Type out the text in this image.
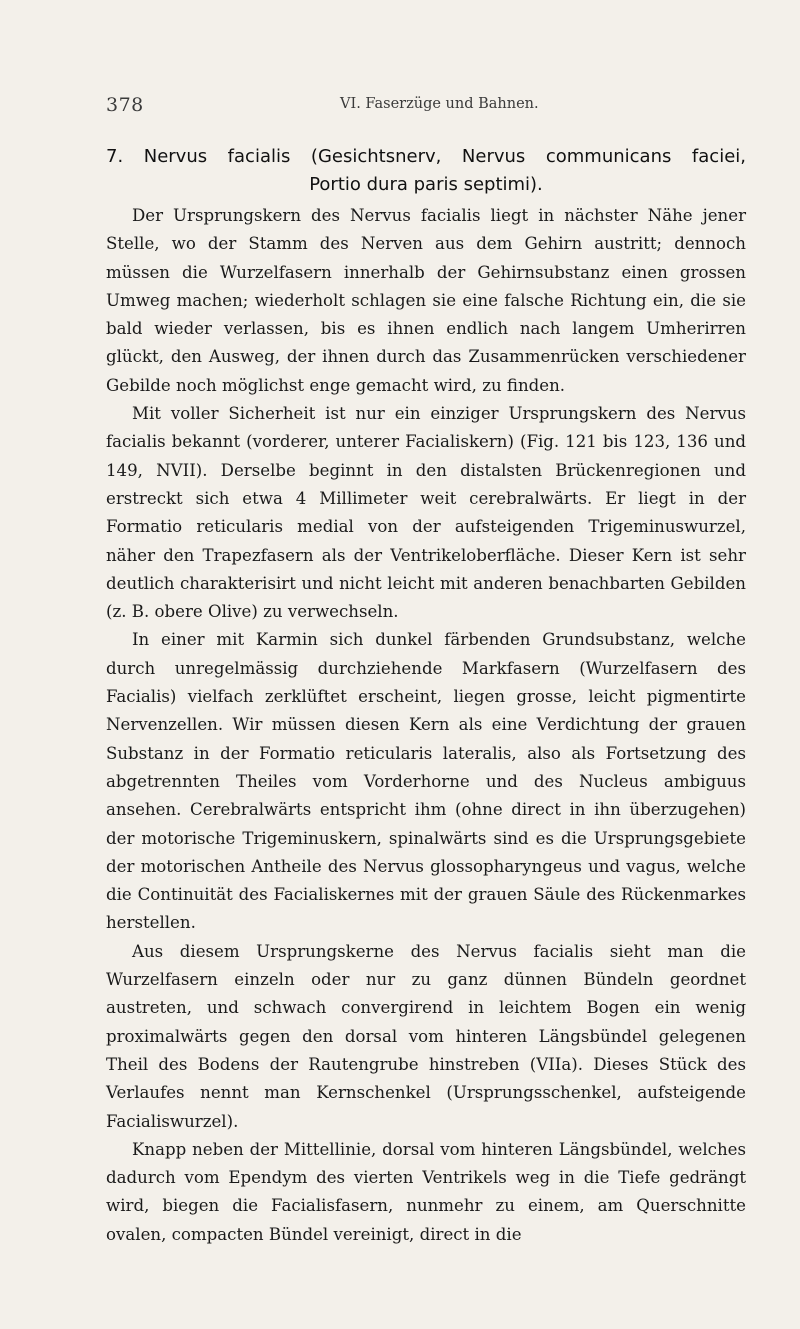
378	VI. Faserzüge und Bahnen.
7. Nervus facialis (Gesichtsnerv, Nervus communicans faciei,
Portio dura paris septimi).

Der Ursprungskern des Nervus facialis liegt in nächster Nähe jener Stelle, wo der Stamm des Nerven aus dem Gehirn austritt; dennoch müssen die Wurzelfasern innerhalb der Gehirnsubstanz einen grossen Umweg machen; wiederholt schlagen sie eine falsche Richtung ein, die sie bald wieder verlassen, bis es ihnen endlich nach langem Umherirren glückt, den Ausweg, der ihnen durch das Zusammenrücken verschiedener Gebilde noch möglichst enge gemacht wird, zu finden.

Mit voller Sicherheit ist nur ein einziger Ursprungskern des Nervus facialis bekannt (vorderer, unterer Facialiskern) (Fig. 121 bis 123, 136 und 149, NVII). Derselbe beginnt in den distalsten Brückenregionen und erstreckt sich etwa 4 Millimeter weit cerebralwärts. Er liegt in der Formatio reticularis medial von der aufsteigenden Trigeminuswurzel, näher den Trapezfasern als der Ventrikeloberfläche. Dieser Kern ist sehr deutlich charakterisirt und nicht leicht mit anderen benachbarten Gebilden (z. B. obere Olive) zu verwechseln.

In einer mit Karmin sich dunkel färbenden Grundsubstanz, welche durch unregelmässig durchziehende Markfasern (Wurzelfasern des Facialis) vielfach zerklüftet erscheint, liegen grosse, leicht pigmentirte Nervenzellen. Wir müssen diesen Kern als eine Verdichtung der grauen Substanz in der Formatio reticularis lateralis, also als Fortsetzung des abgetrennten Theiles vom Vorderhorne und des Nucleus ambiguus ansehen. Cerebralwärts entspricht ihm (ohne direct in ihn überzugehen) der motorische Trigeminuskern, spinalwärts sind es die Ursprungsgebiete der motorischen Antheile des Nervus glossopharyngeus und vagus, welche die Continuität des Facialiskernes mit der grauen Säule des Rückenmarkes herstellen.

Aus diesem Ursprungskerne des Nervus facialis sieht man die Wurzelfasern einzeln oder nur zu ganz dünnen Bündeln geordnet austreten, und schwach convergirend in leichtem Bogen ein wenig proximalwärts gegen den dorsal vom hinteren Längsbündel gelegenen Theil des Bodens der Rautengrube hinstreben (VIIa). Dieses Stück des Verlaufes nennt man Kernschenkel (Ursprungsschenkel, aufsteigende Facialiswurzel).

Knapp neben der Mittellinie, dorsal vom hinteren Längsbündel, welches dadurch vom Ependym des vierten Ventrikels weg in die Tiefe gedrängt wird, biegen die Facialisfasern, nunmehr zu einem, am Querschnitte ovalen, compacten Bündel vereinigt, direct in die
